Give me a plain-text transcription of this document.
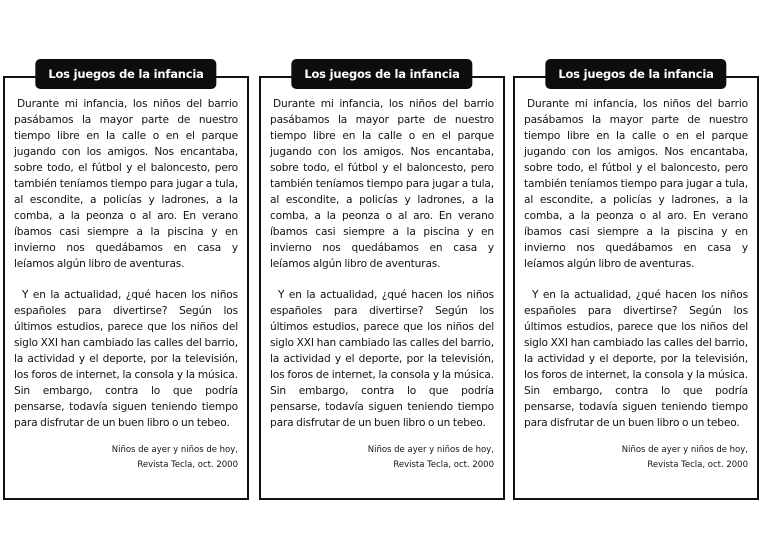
Los juegos de la infancia

Durante mi infancia, los niños del barrio pasábamos la mayor parte de nuestro tiempo libre en la calle o en el parque jugando con los amigos. Nos encantaba, sobre todo, el fútbol y el baloncesto, pero también teníamos tiempo para jugar a tula, al escondite, a policías y ladrones, a la comba, a la peonza o al aro. En verano íbamos casi siempre a la piscina y en invierno nos quedábamos en casa y leíamos algún libro de aventuras.

Y en la actualidad, ¿qué hacen los niños españoles para divertirse? Según los últimos estudios, parece que los niños del siglo XXI han cambiado las calles del barrio, la actividad y el deporte, por la televisión, los foros de internet, la consola y la música. Sin embargo, contra lo que podría pensarse, todavía siguen teniendo tiempo para disfrutar de un buen libro o un tebeo.

Niños de ayer y niños de hoy,
Revista Tecla, oct. 2000
Los juegos de la infancia

Durante mi infancia, los niños del barrio pasábamos la mayor parte de nuestro tiempo libre en la calle o en el parque jugando con los amigos. Nos encantaba, sobre todo, el fútbol y el baloncesto, pero también teníamos tiempo para jugar a tula, al escondite, a policías y ladrones, a la comba, a la peonza o al aro. En verano íbamos casi siempre a la piscina y en invierno nos quedábamos en casa y leíamos algún libro de aventuras.

Y en la actualidad, ¿qué hacen los niños españoles para divertirse? Según los últimos estudios, parece que los niños del siglo XXI han cambiado las calles del barrio, la actividad y el deporte, por la televisión, los foros de internet, la consola y la música. Sin embargo, contra lo que podría pensarse, todavía siguen teniendo tiempo para disfrutar de un buen libro o un tebeo.

Niños de ayer y niños de hoy,
Revista Tecla, oct. 2000
Los juegos de la infancia

Durante mi infancia, los niños del barrio pasábamos la mayor parte de nuestro tiempo libre en la calle o en el parque jugando con los amigos. Nos encantaba, sobre todo, el fútbol y el baloncesto, pero también teníamos tiempo para jugar a tula, al escondite, a policías y ladrones, a la comba, a la peonza o al aro. En verano íbamos casi siempre a la piscina y en invierno nos quedábamos en casa y leíamos algún libro de aventuras.

Y en la actualidad, ¿qué hacen los niños españoles para divertirse? Según los últimos estudios, parece que los niños del siglo XXI han cambiado las calles del barrio, la actividad y el deporte, por la televisión, los foros de internet, la consola y la música. Sin embargo, contra lo que podría pensarse, todavía siguen teniendo tiempo para disfrutar de un buen libro o un tebeo.

Niños de ayer y niños de hoy,
Revista Tecla, oct. 2000
